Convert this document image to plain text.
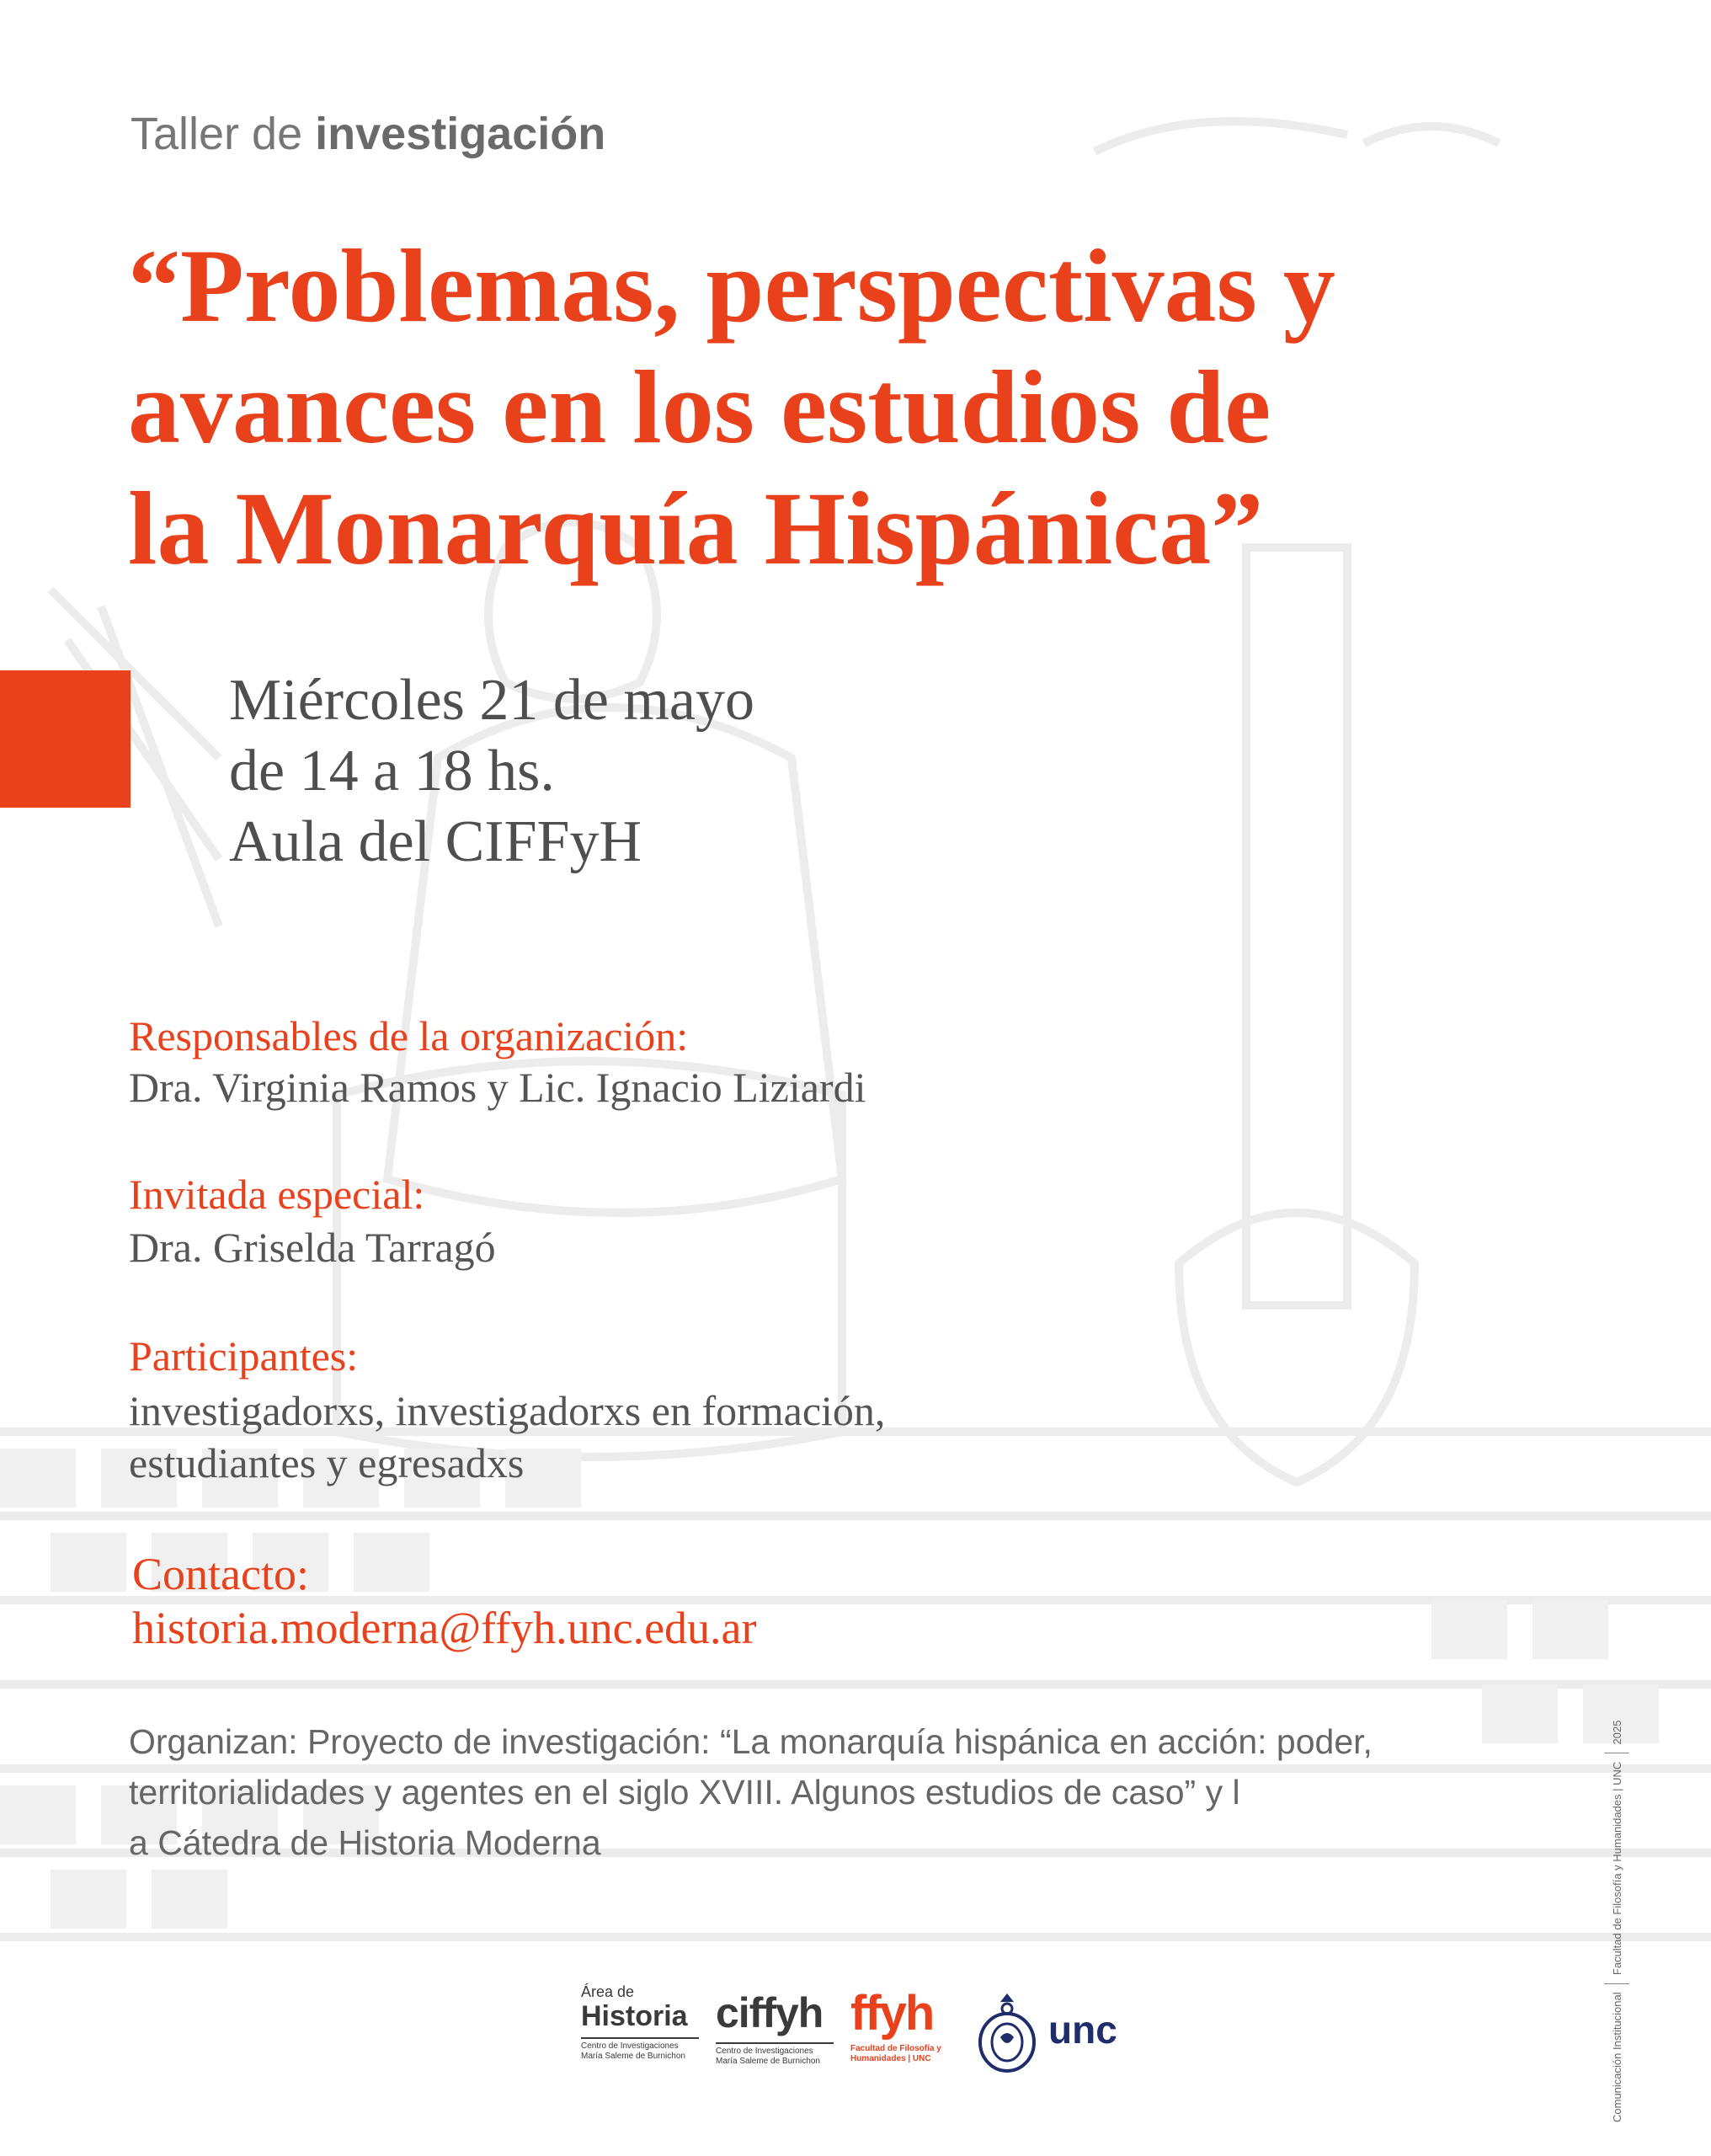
Taller de investigación
“Problemas, perspectivas y
avances en los estudios de
la Monarquía Hispánica”
Miércoles 21 de mayo
de 14 a 18 hs.
Aula del CIFFyH
Responsables de la organización:
Dra. Virginia Ramos y Lic. Ignacio Liziardi
Invitada especial:
Dra. Griselda Tarragó
Participantes:
investigadorxs, investigadorxs en formación,
estudiantes y egresadxs
Contacto:
historia.moderna@ffyh.unc.edu.ar
Organizan: Proyecto de investigación: “La monarquía hispánica en acción: poder,
territorialidades y agentes en el siglo XVIII. Algunos estudios de caso” y l
a Cátedra de Historia Moderna
Área de
Historia
Centro de Investigaciones María Saleme de Burnichon
ciffyh
Centro de Investigaciones María Saleme de Burnichon
ffyh
Facultad de Filosofía y Humanidades | UNC
unc	Comunicación Institucional  Facultad de Filosofía y Humanidades | UNC  2025
